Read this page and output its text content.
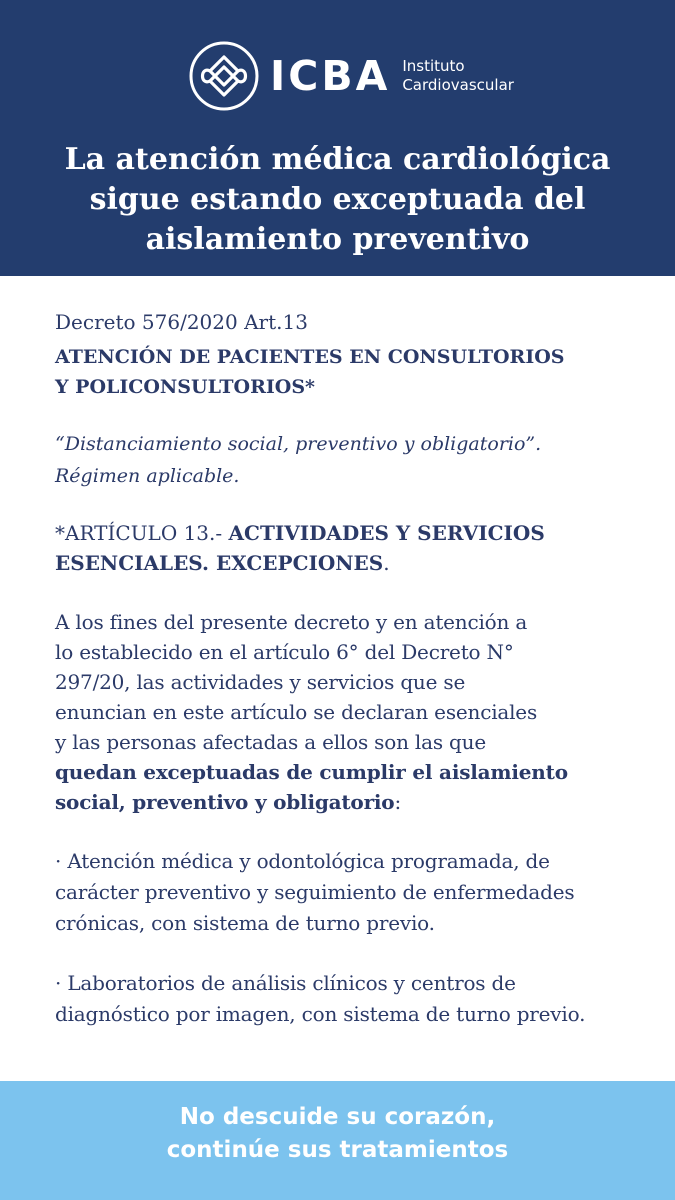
ICBA Instituto
Cardiovascular
La atención médica cardiológica
sigue estando exceptuada del
aislamiento preventivo
Decreto 576/2020 Art.13
ATENCIÓN DE PACIENTES EN CONSULTORIOS
Y POLICONSULTORIOS*
“Distanciamiento social, preventivo y obligatorio”.
Régimen aplicable.
*ARTÍCULO 13.- ACTIVIDADES Y SERVICIOS
ESENCIALES. EXCEPCIONES.
A los fines del presente decreto y en atención a
lo establecido en el artículo 6° del Decreto N°
297/20, las actividades y servicios que se
enuncian en este artículo se declaran esenciales
y las personas afectadas a ellos son las que
quedan exceptuadas de cumplir el aislamiento
social, preventivo y obligatorio:
· Atención médica y odontológica programada, de
carácter preventivo y seguimiento de enfermedades
crónicas, con sistema de turno previo.
· Laboratorios de análisis clínicos y centros de
diagnóstico por imagen, con sistema de turno previo.
No descuide su corazón,
continúe sus tratamientos
